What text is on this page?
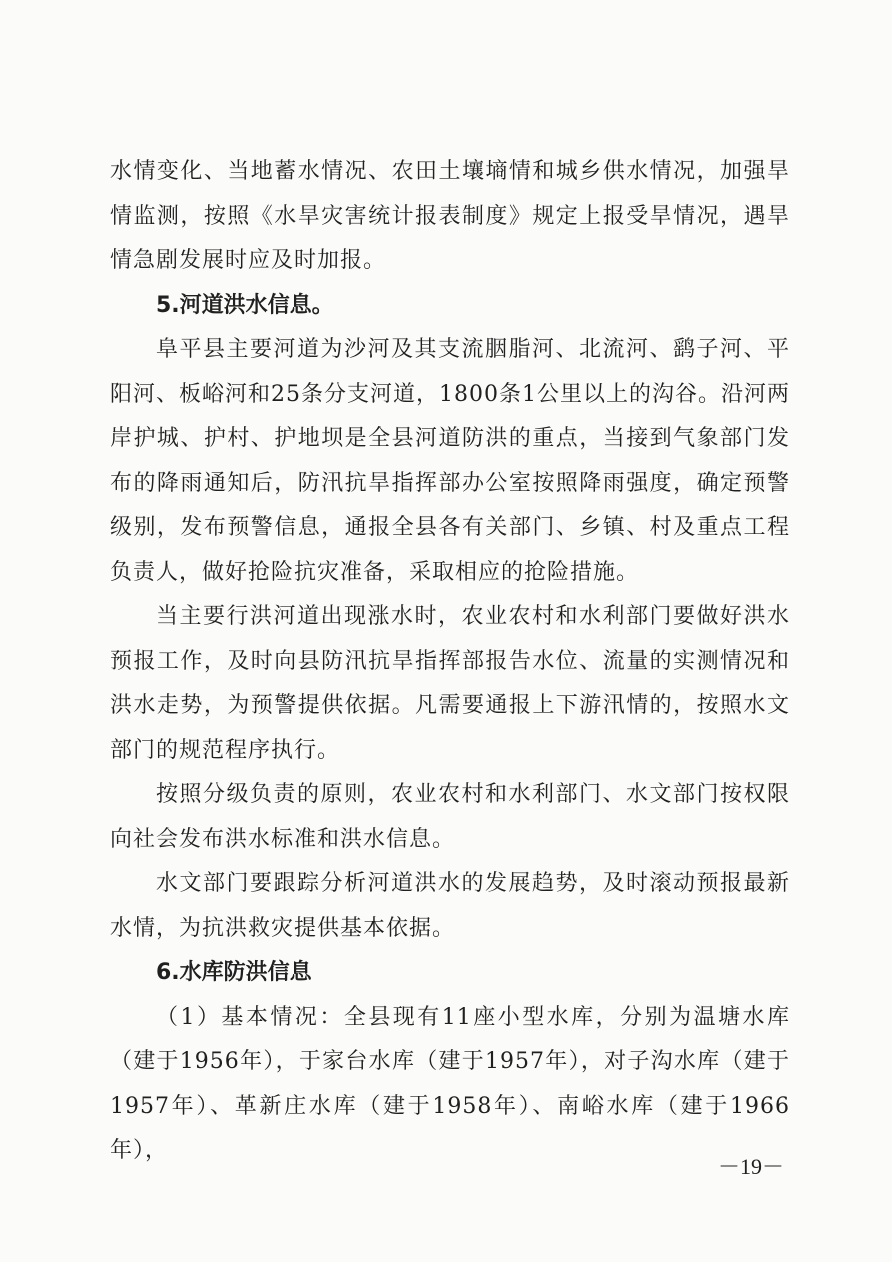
水情变化、当地蓄水情况、农田土壤墒情和城乡供水情况，加强旱情监测，按照《水旱灾害统计报表制度》规定上报受旱情况，遇旱情急剧发展时应及时加报。

5.河道洪水信息。

阜平县主要河道为沙河及其支流胭脂河、北流河、鹞子河、平阳河、板峪河和25条分支河道，1800条1公里以上的沟谷。沿河两岸护城、护村、护地坝是全县河道防洪的重点，当接到气象部门发布的降雨通知后，防汛抗旱指挥部办公室按照降雨强度，确定预警级别，发布预警信息，通报全县各有关部门、乡镇、村及重点工程负责人，做好抢险抗灾准备，采取相应的抢险措施。

当主要行洪河道出现涨水时，农业农村和水利部门要做好洪水预报工作，及时向县防汛抗旱指挥部报告水位、流量的实测情况和洪水走势，为预警提供依据。凡需要通报上下游汛情的，按照水文部门的规范程序执行。

按照分级负责的原则，农业农村和水利部门、水文部门按权限向社会发布洪水标准和洪水信息。

水文部门要跟踪分析河道洪水的发展趋势，及时滚动预报最新水情，为抗洪救灾提供基本依据。

6.水库防洪信息

（1）基本情况：全县现有11座小型水库，分别为温塘水库（建于1956年），于家台水库（建于1957年），对子沟水库（建于1957年）、革新庄水库（建于1958年）、南峪水库（建于1966年），

－19－
